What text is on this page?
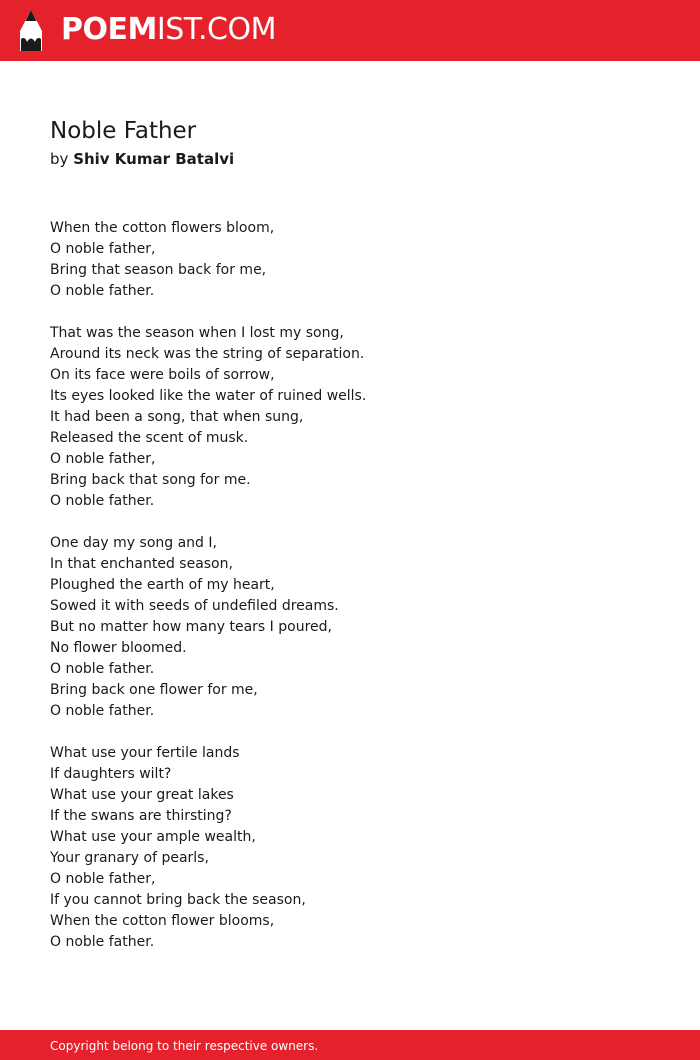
POEMIST.COM
Noble Father

by Shiv Kumar Batalvi

When the cotton flowers bloom,
O noble father,
Bring that season back for me,
O noble father.
That was the season when I lost my song,
Around its neck was the string of separation.
On its face were boils of sorrow,
Its eyes looked like the water of ruined wells.
It had been a song, that when sung,
Released the scent of musk.
O noble father,
Bring back that song for me.
O noble father.
One day my song and I,
In that enchanted season,
Ploughed the earth of my heart,
Sowed it with seeds of undefiled dreams.
But no matter how many tears I poured,
No flower bloomed.
O noble father.
Bring back one flower for me,
O noble father.
What use your fertile lands
If daughters wilt?
What use your great lakes
If the swans are thirsting?
What use your ample wealth,
Your granary of pearls,
O noble father,
If you cannot bring back the season,
When the cotton flower blooms,
O noble father.
Copyright belong to their respective owners.
